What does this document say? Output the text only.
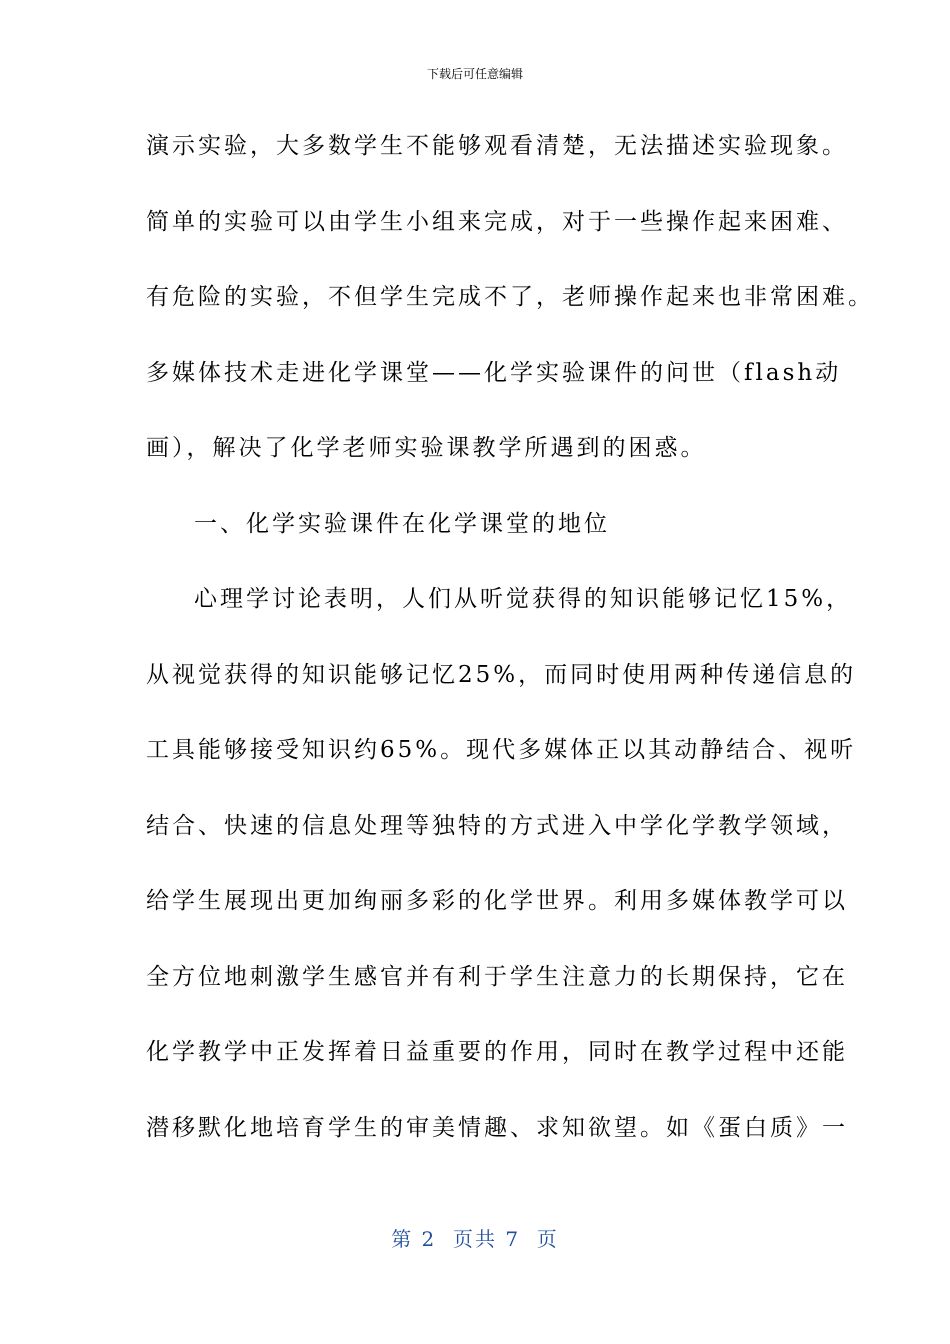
下载后可任意编辑
演示实验，大多数学生不能够观看清楚，无法描述实验现象。
简单的实验可以由学生小组来完成，对于一些操作起来困难、
有危险的实验，不但学生完成不了，老师操作起来也非常困难。
多媒体技术走进化学课堂——化学实验课件的问世（flash动
画），解决了化学老师实验课教学所遇到的困惑。
一、化学实验课件在化学课堂的地位
心理学讨论表明，人们从听觉获得的知识能够记忆15%，
从视觉获得的知识能够记忆25%，而同时使用两种传递信息的
工具能够接受知识约65%。现代多媒体正以其动静结合、视听
结合、快速的信息处理等独特的方式进入中学化学教学领域，
给学生展现出更加绚丽多彩的化学世界。利用多媒体教学可以
全方位地刺激学生感官并有利于学生注意力的长期保持，它在
化学教学中正发挥着日益重要的作用，同时在教学过程中还能
潜移默化地培育学生的审美情趣、求知欲望。如《蛋白质》一
第 2  页共 7  页
